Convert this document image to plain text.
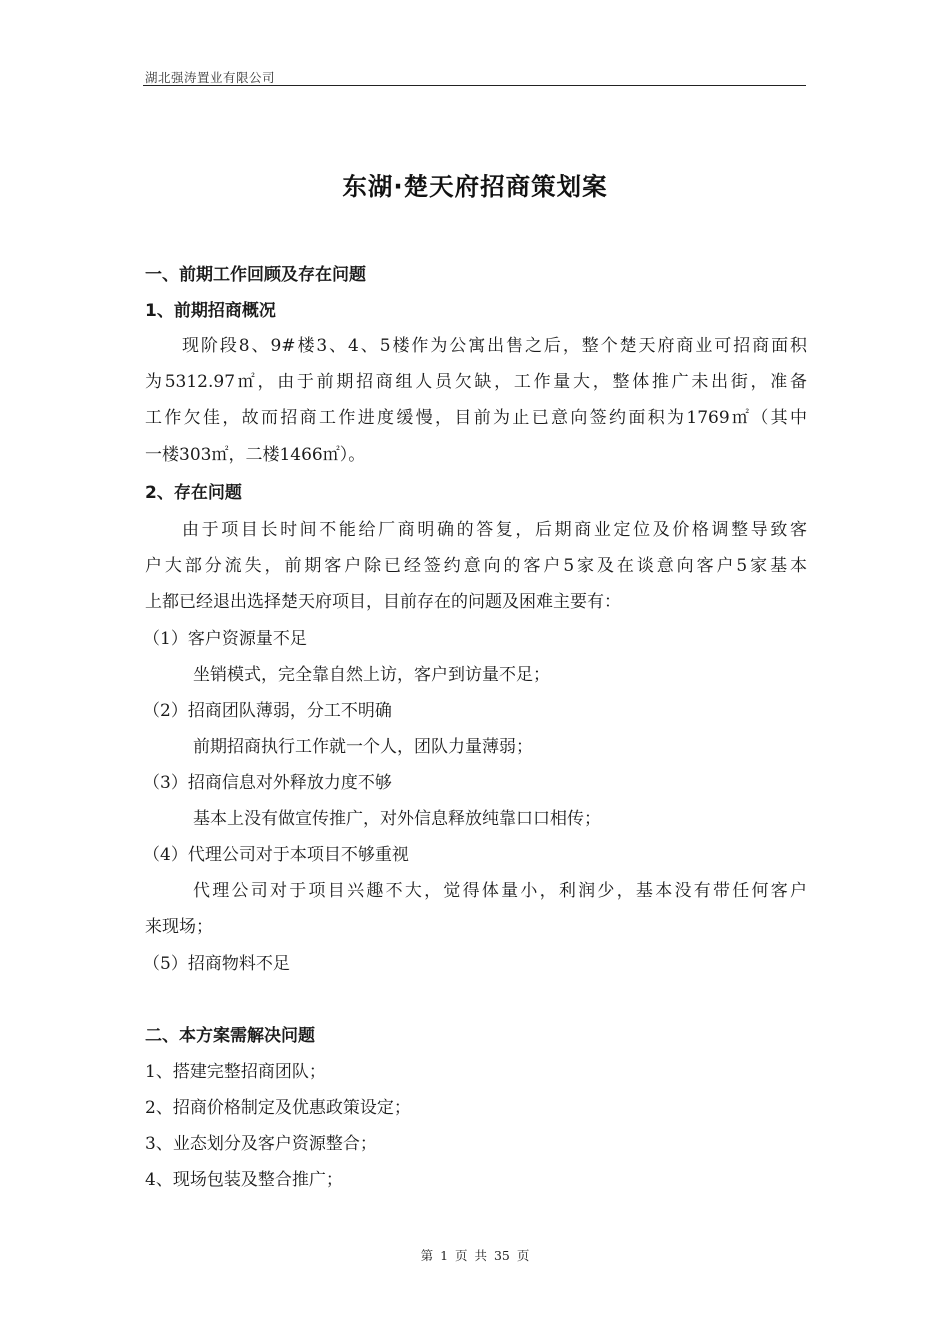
湖北强涛置业有限公司
东湖·楚天府招商策划案
一、前期工作回顾及存在问题
1、前期招商概况
现阶段8、9#楼3、4、5楼作为公寓出售之后，整个楚天府商业可招商面积
为5312.97㎡，由于前期招商组人员欠缺，工作量大，整体推广未出街，准备
工作欠佳，故而招商工作进度缓慢，目前为止已意向签约面积为1769㎡（其中
一楼303㎡，二楼1466㎡）。
2、存在问题
由于项目长时间不能给厂商明确的答复，后期商业定位及价格调整导致客
户大部分流失，前期客户除已经签约意向的客户5家及在谈意向客户5家基本
上都已经退出选择楚天府项目，目前存在的问题及困难主要有：
（1）客户资源量不足
坐销模式，完全靠自然上访，客户到访量不足；
（2）招商团队薄弱，分工不明确
前期招商执行工作就一个人，团队力量薄弱；
（3）招商信息对外释放力度不够
基本上没有做宣传推广，对外信息释放纯靠口口相传；
（4）代理公司对于本项目不够重视
代理公司对于项目兴趣不大，觉得体量小，利润少，基本没有带任何客户
来现场；
（5）招商物料不足
二、本方案需解决问题
1、搭建完整招商团队；
2、招商价格制定及优惠政策设定；
3、业态划分及客户资源整合；
4、现场包装及整合推广；
第 1 页 共 35 页
